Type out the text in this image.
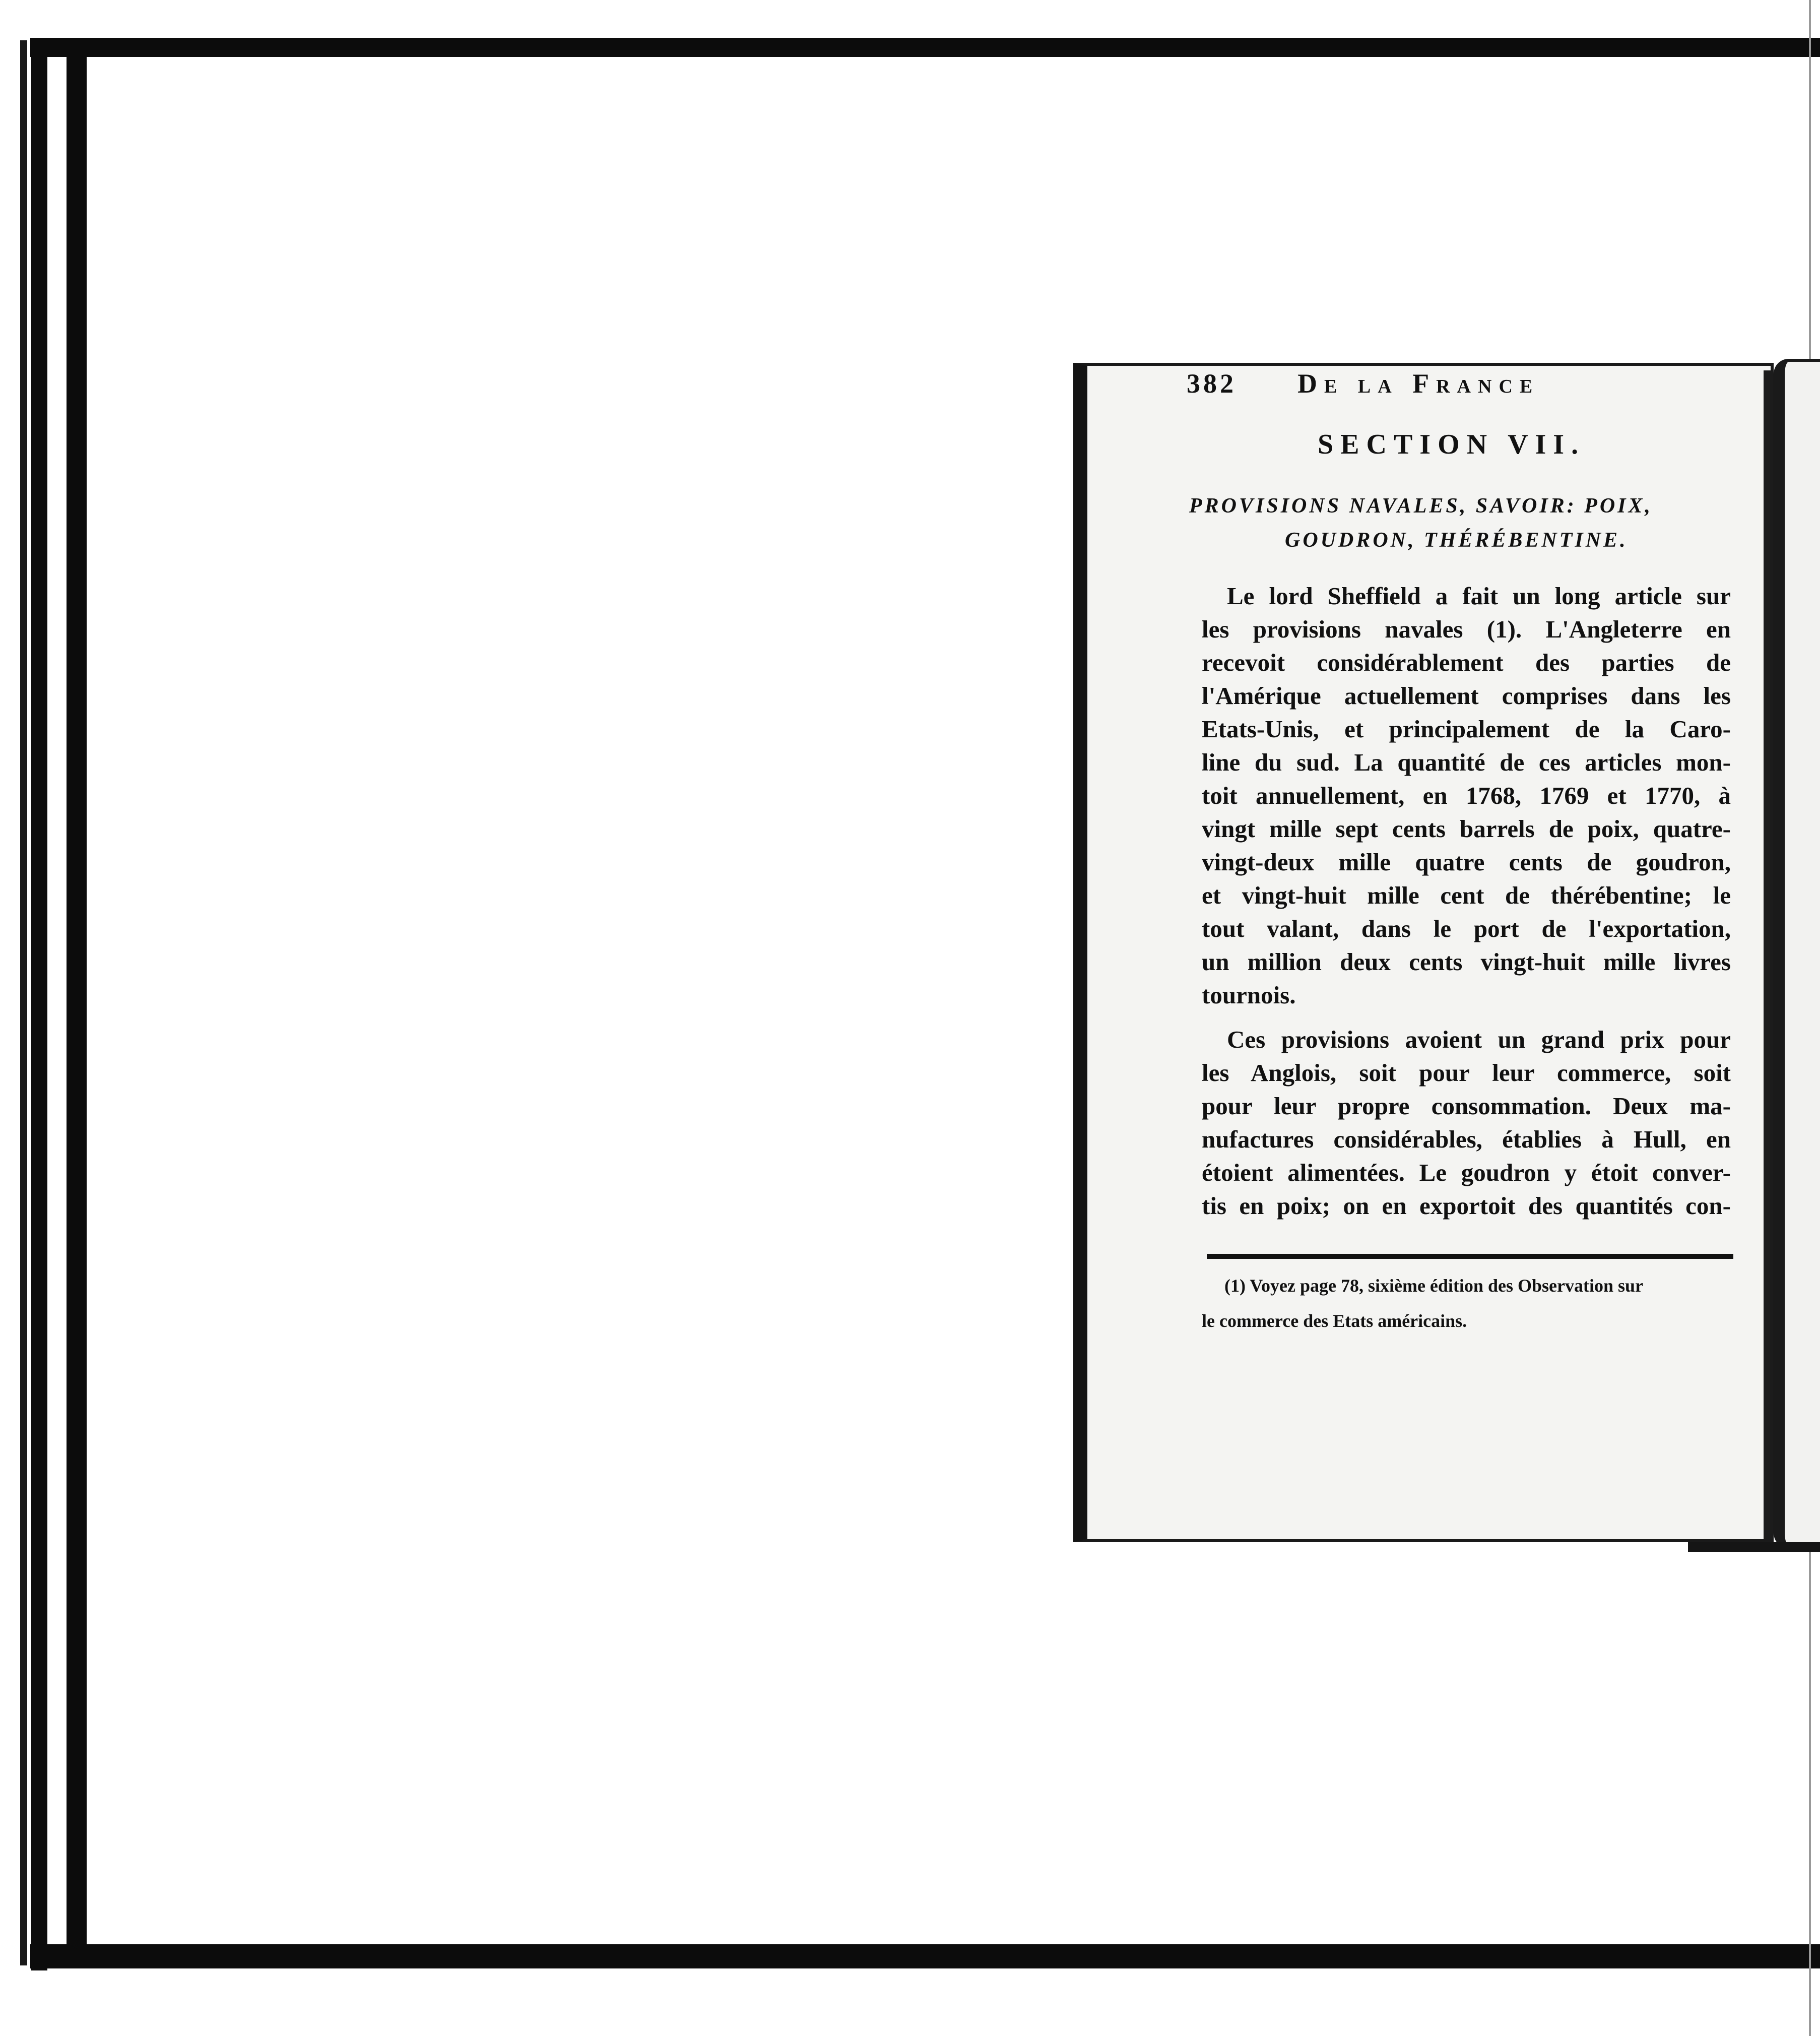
382 De la France
SECTION VII.
PROVISIONS NAVALES, SAVOIR: POIX,
GOUDRON, THÉRÉBENTINE.
Le lord Sheffield a fait un long article sur
les provisions navales (1). L'Angleterre en
recevoit considérablement des parties de
l'Amérique actuellement comprises dans les
Etats-Unis, et principalement de la Caro-
line du sud. La quantité de ces articles mon-
toit annuellement, en 1768, 1769 et 1770, à
vingt mille sept cents barrels de poix, quatre-
vingt-deux mille quatre cents de goudron,
et vingt-huit mille cent de thérébentine; le
tout valant, dans le port de l'exportation,
un million deux cents vingt-huit mille livres
tournois.
Ces provisions avoient un grand prix pour
les Anglois, soit pour leur commerce, soit
pour leur propre consommation. Deux ma-
nufactures considérables, établies à Hull, en
étoient alimentées. Le goudron y étoit conver-
tis en poix; on en exportoit des quantités con-
(1) Voyez page 78, sixième édition des Observation sur
le commerce des Etats américains.
